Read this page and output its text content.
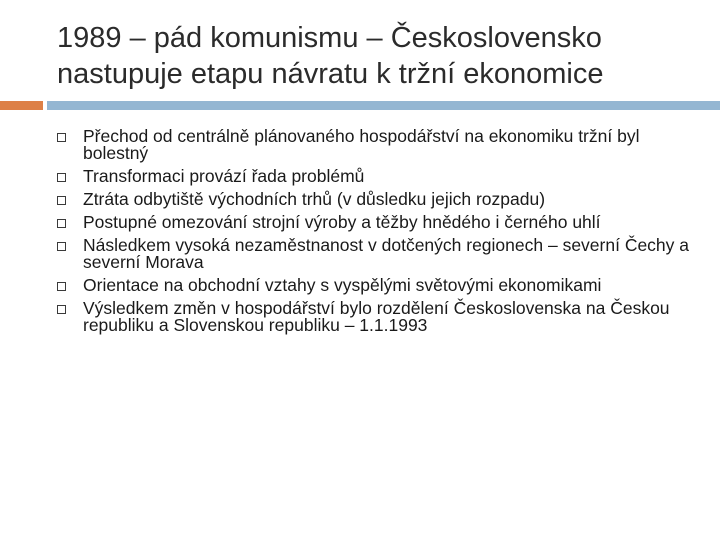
1989 – pád komunismu – Československo nastupuje etapu návratu k tržní ekonomice
Přechod od centrálně plánovaného hospodářství na ekonomiku tržní byl bolestný
Transformaci provází řada problémů
Ztráta odbytiště východních trhů (v důsledku jejich rozpadu)
Postupné omezování strojní výroby a těžby hnědého i černého uhlí
Následkem vysoká nezaměstnanost v dotčených regionech – severní Čechy a severní Morava
Orientace na obchodní vztahy s vyspělými světovými ekonomikami
Výsledkem změn v hospodářství bylo rozdělení Československa na Českou republiku a Slovenskou republiku – 1.1.1993
